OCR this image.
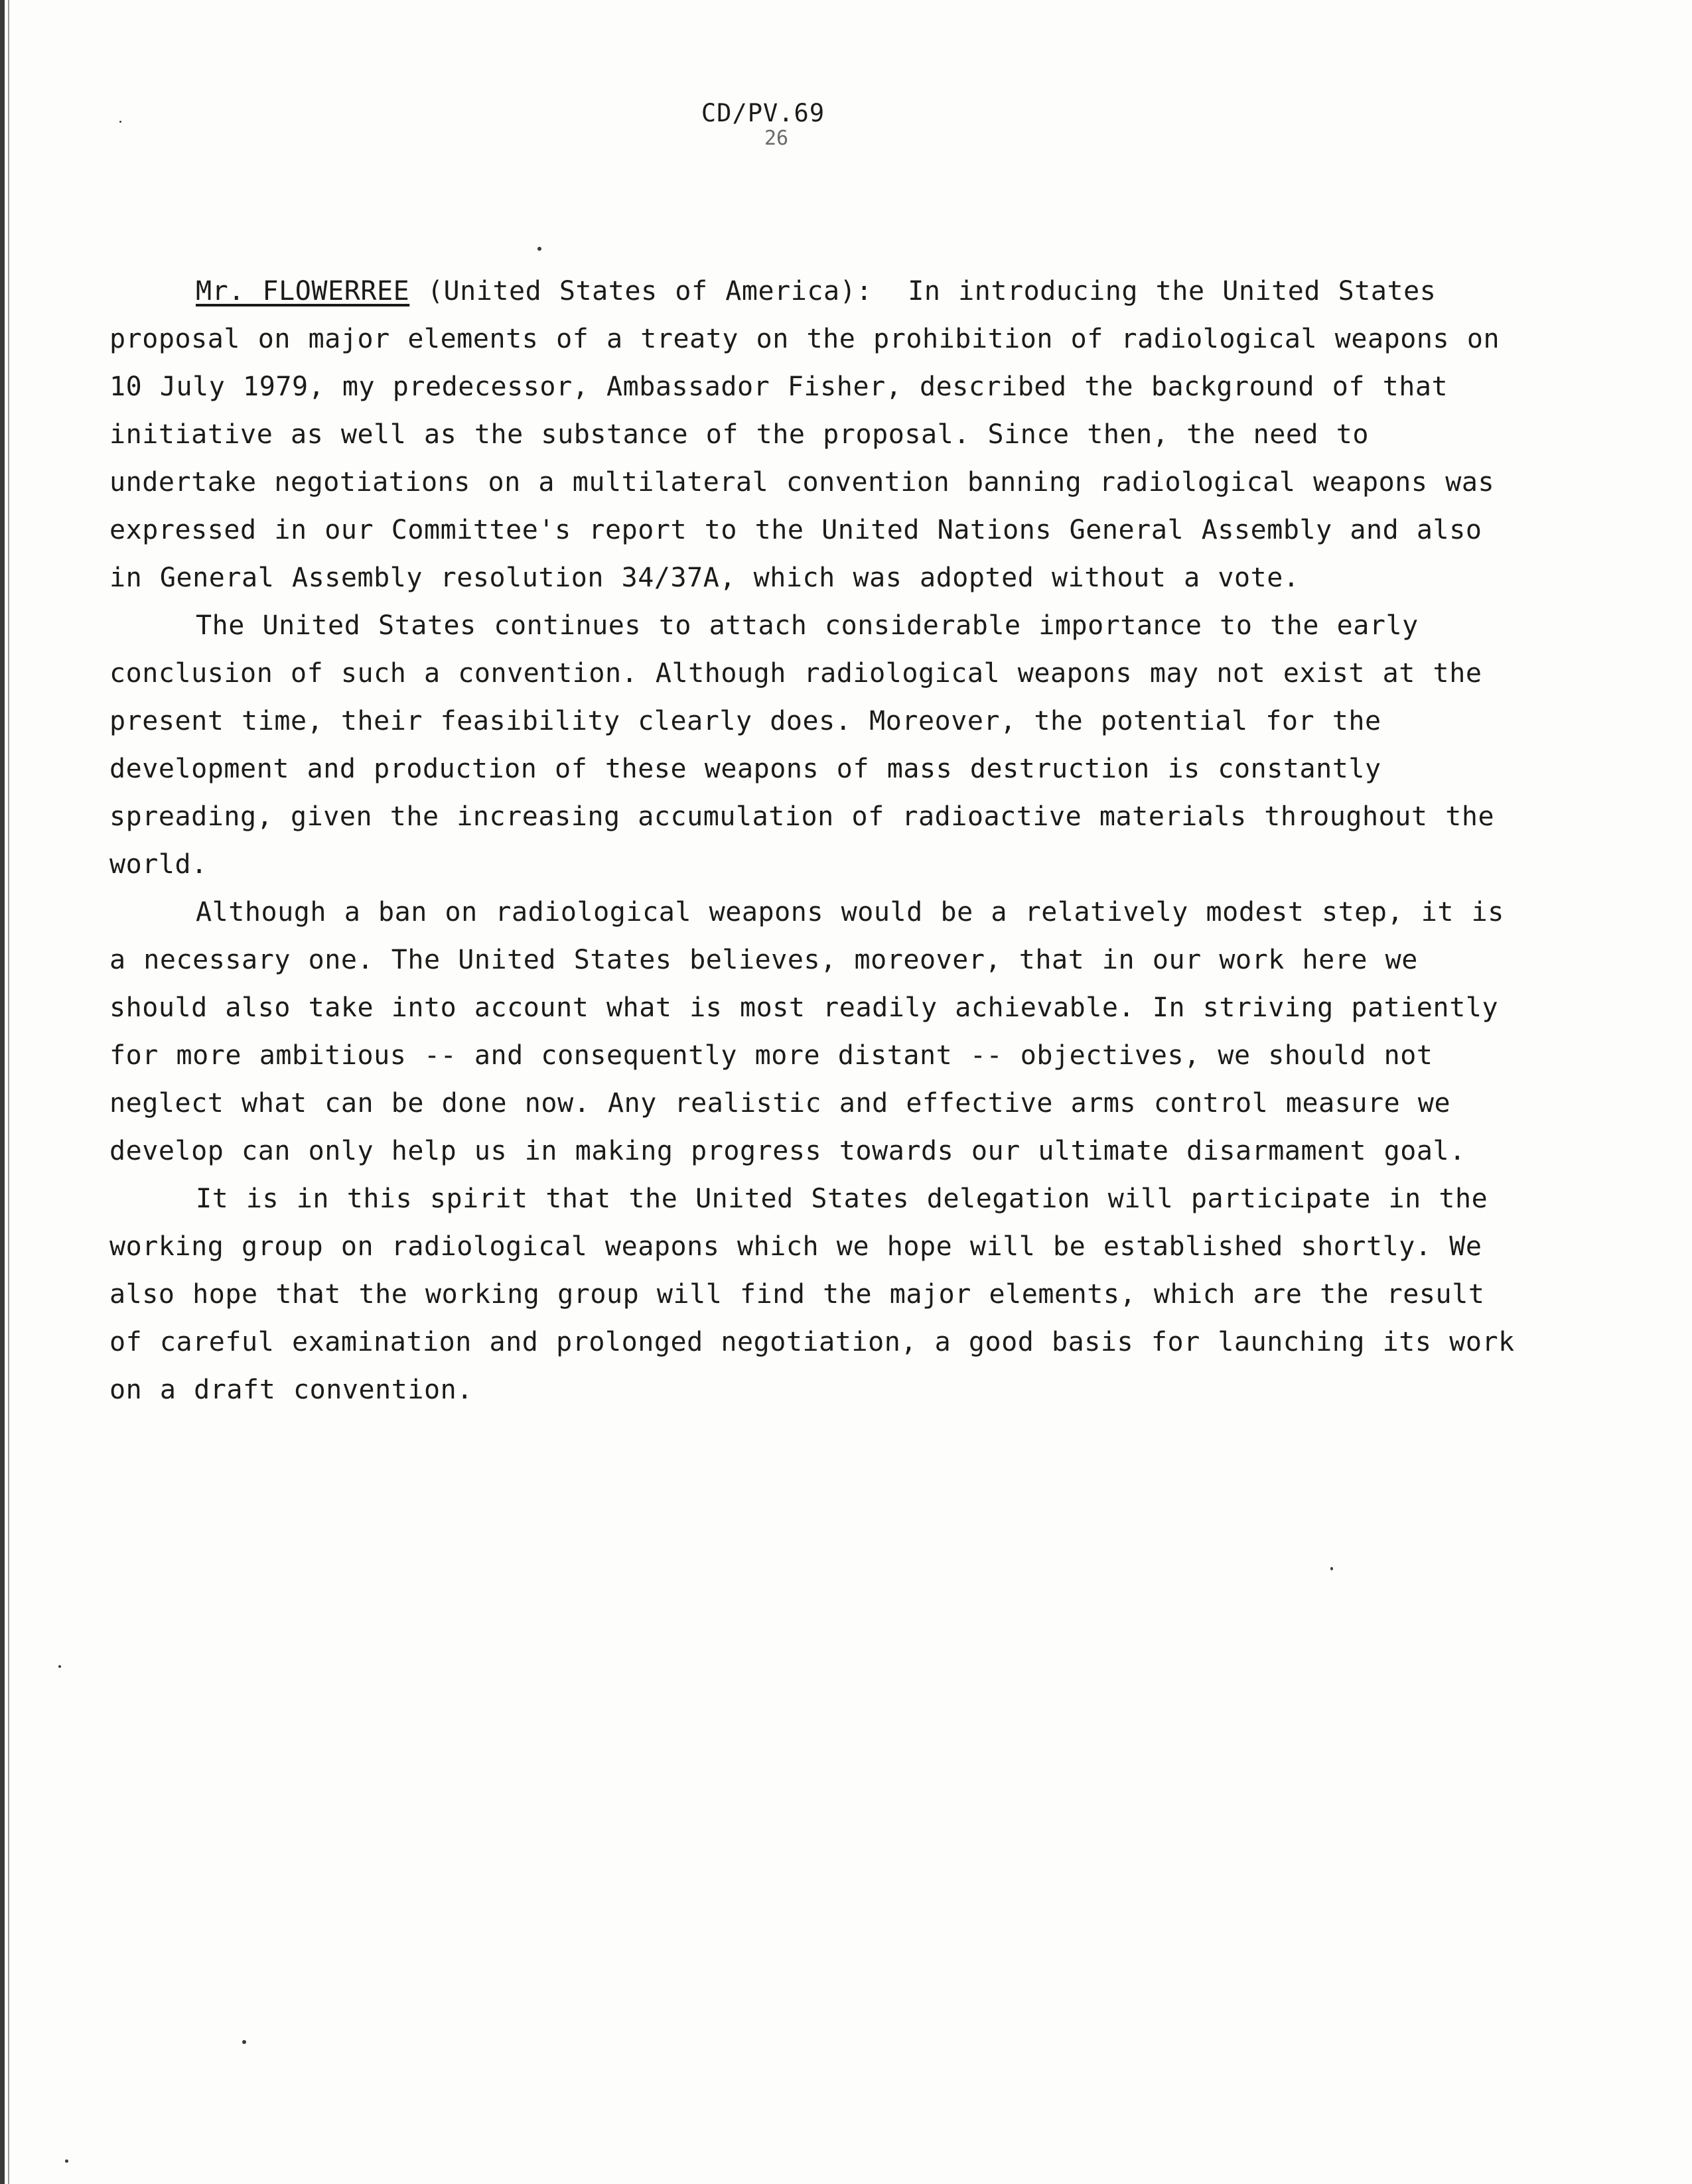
CD/PV.69
26

Mr. FLOWERREE (United States of America): In introducing the United States proposal on major elements of a treaty on the prohibition of radiological weapons on 10 July 1979, my predecessor, Ambassador Fisher, described the background of that initiative as well as the substance of the proposal. Since then, the need to undertake negotiations on a multilateral convention banning radiological weapons was expressed in our Committee's report to the United Nations General Assembly and also in General Assembly resolution 34/37A, which was adopted without a vote.

The United States continues to attach considerable importance to the early conclusion of such a convention. Although radiological weapons may not exist at the present time, their feasibility clearly does. Moreover, the potential for the development and production of these weapons of mass destruction is constantly spreading, given the increasing accumulation of radioactive materials throughout the world.

Although a ban on radiological weapons would be a relatively modest step, it is a necessary one. The United States believes, moreover, that in our work here we should also take into account what is most readily achievable. In striving patiently for more ambitious -- and consequently more distant -- objectives, we should not neglect what can be done now. Any realistic and effective arms control measure we develop can only help us in making progress towards our ultimate disarmament goal.

It is in this spirit that the United States delegation will participate in the working group on radiological weapons which we hope will be established shortly. We also hope that the working group will find the major elements, which are the result of careful examination and prolonged negotiation, a good basis for launching its work on a draft convention.
